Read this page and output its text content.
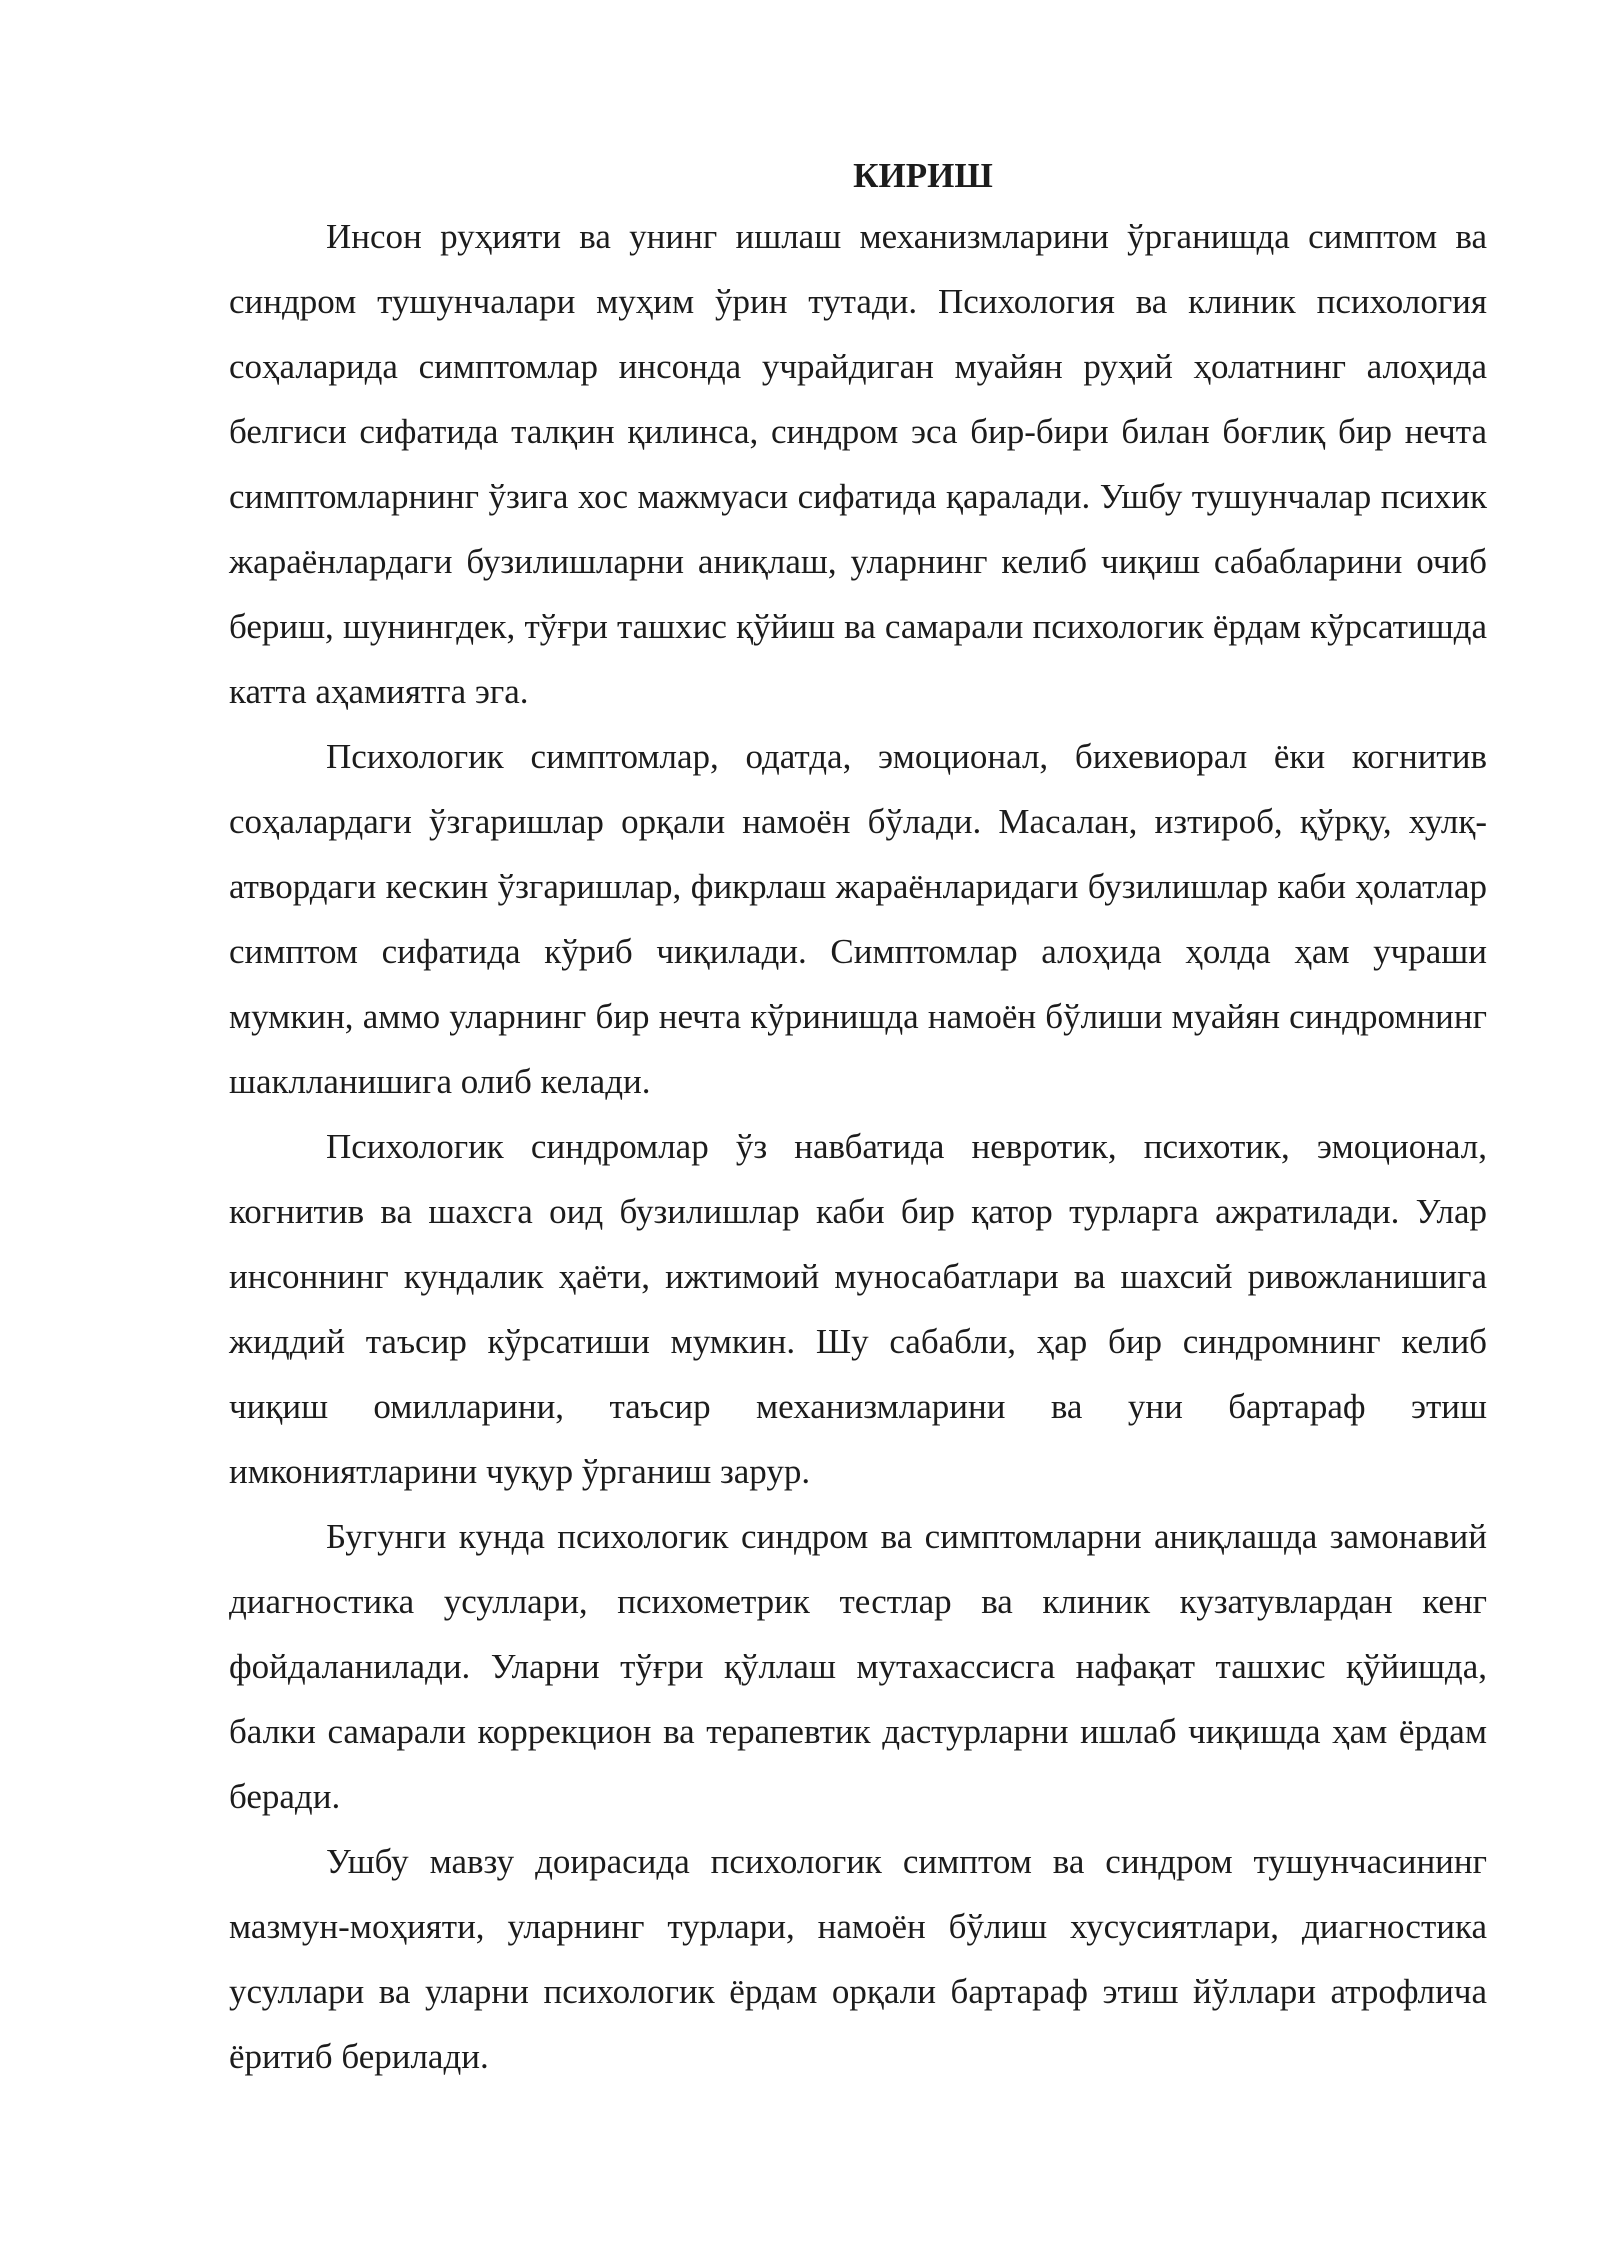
КИРИШ

Инсон руҳияти ва унинг ишлаш механизмларини ўрганишда симптом ва синдром тушунчалари муҳим ўрин тутади. Психология ва клиник психология соҳаларида симптомлар инсонда учрайдиган муайян руҳий ҳолатнинг алоҳида белгиси сифатида талқин қилинса, синдром эса бир-бири билан боғлиқ бир нечта симптомларнинг ўзига хос мажмуаси сифатида қаралади. Ушбу тушунчалар психик жараёнлардаги бузилишларни аниқлаш, уларнинг келиб чиқиш сабабларини очиб бериш, шунингдек, тўғри ташхис қўйиш ва самарали психологик ёрдам кўрсатишда катта аҳамиятга эга.

Психологик симптомлар, одатда, эмоционал, бихевиорал ёки когнитив соҳалардаги ўзгаришлар орқали намоён бўлади. Масалан, изтироб, қўрқу, хулқ-атвордаги кескин ўзгаришлар, фикрлаш жараёнларидаги бузилишлар каби ҳолатлар симптом сифатида кўриб чиқилади. Симптомлар алоҳида ҳолда ҳам учраши мумкин, аммо уларнинг бир нечта кўринишда намоён бўлиши муайян синдромнинг шаклланишига олиб келади.

Психологик синдромлар ўз навбатида невротик, психотик, эмоционал, когнитив ва шахсга оид бузилишлар каби бир қатор турларга ажратилади. Улар инсоннинг кундалик ҳаёти, ижтимоий муносабатлари ва шахсий ривожланишига жиддий таъсир кўрсатиши мумкин. Шу сабабли, ҳар бир синдромнинг келиб чиқиш омилларини, таъсир механизмларини ва уни бартараф этиш имкониятларини чуқур ўрганиш зарур.

Бугунги кунда психологик синдром ва симптомларни аниқлашда замонавий диагностика усуллари, психометрик тестлар ва клиник кузатувлардан кенг фойдаланилади. Уларни тўғри қўллаш мутахассисга нафақат ташхис қўйишда, балки самарали коррекцион ва терапевтик дастурларни ишлаб чиқишда ҳам ёрдам беради.

Ушбу мавзу доирасида психологик симптом ва синдром тушунчасининг мазмун-моҳияти, уларнинг турлари, намоён бўлиш хусусиятлари, диагностика усуллари ва уларни психологик ёрдам орқали бартараф этиш йўллари атрофлича ёритиб берилади.
